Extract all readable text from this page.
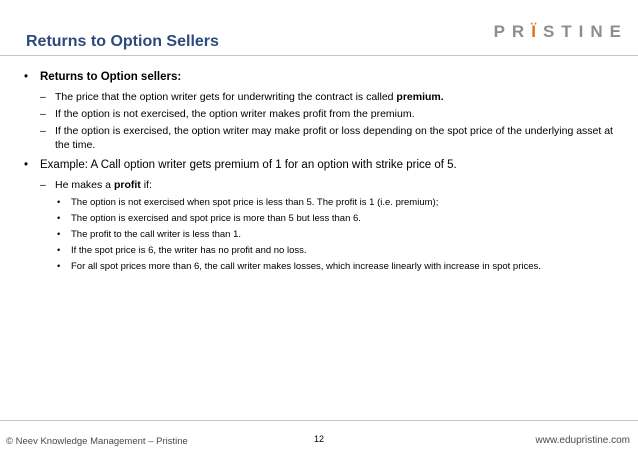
Returns to Option Sellers
PRÏSTINE
• Returns to Option sellers:
– The price that the option writer gets for underwriting the contract is called premium.
– If the option is not exercised, the option writer makes profit from the premium.
– If the option is exercised, the option writer may make profit or loss depending on the spot price of the underlying asset at the time.
• Example: A Call option writer gets premium of 1 for an option with strike price of 5.
– He makes a profit if:
• The option is not exercised when spot price is less than 5. The profit is 1 (i.e. premium);
• The option is exercised and spot price is more than 5 but less than 6.
• The profit to the call writer is less than 1.
• If the spot price is 6, the writer has no profit and no loss.
• For all spot prices more than 6, the call writer makes losses, which increase linearly with increase in spot prices.
© Neev Knowledge Management – Pristine	12	www.edupristine.com
